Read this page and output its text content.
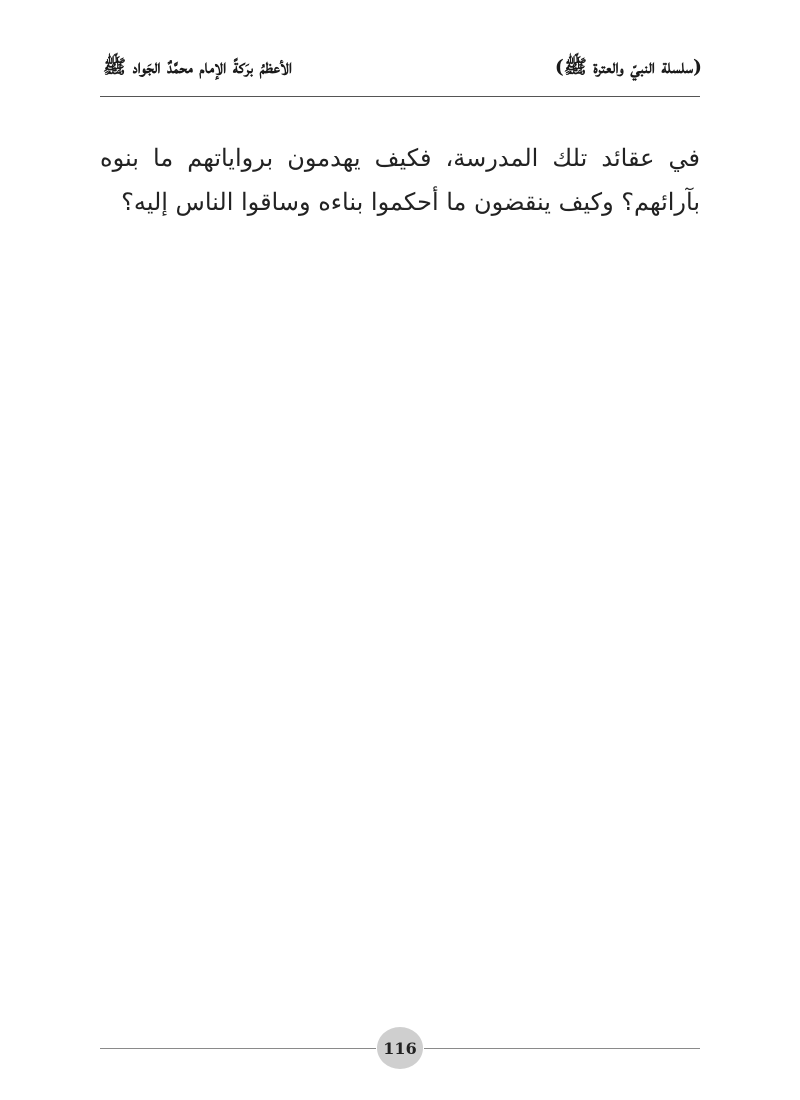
(سلسلة النبيّ والعترة ﷺ)
الأعظمُ برَكةً الإمام محمَّدٌ الجَواد ﷺ
في عقائد تلك المدرسة، فكيف يهدمون برواياتهم ما بنوه بآرائهم؟ وكيف ينقضون ما أحكموا بناءه وساقوا الناس إليه؟
116
